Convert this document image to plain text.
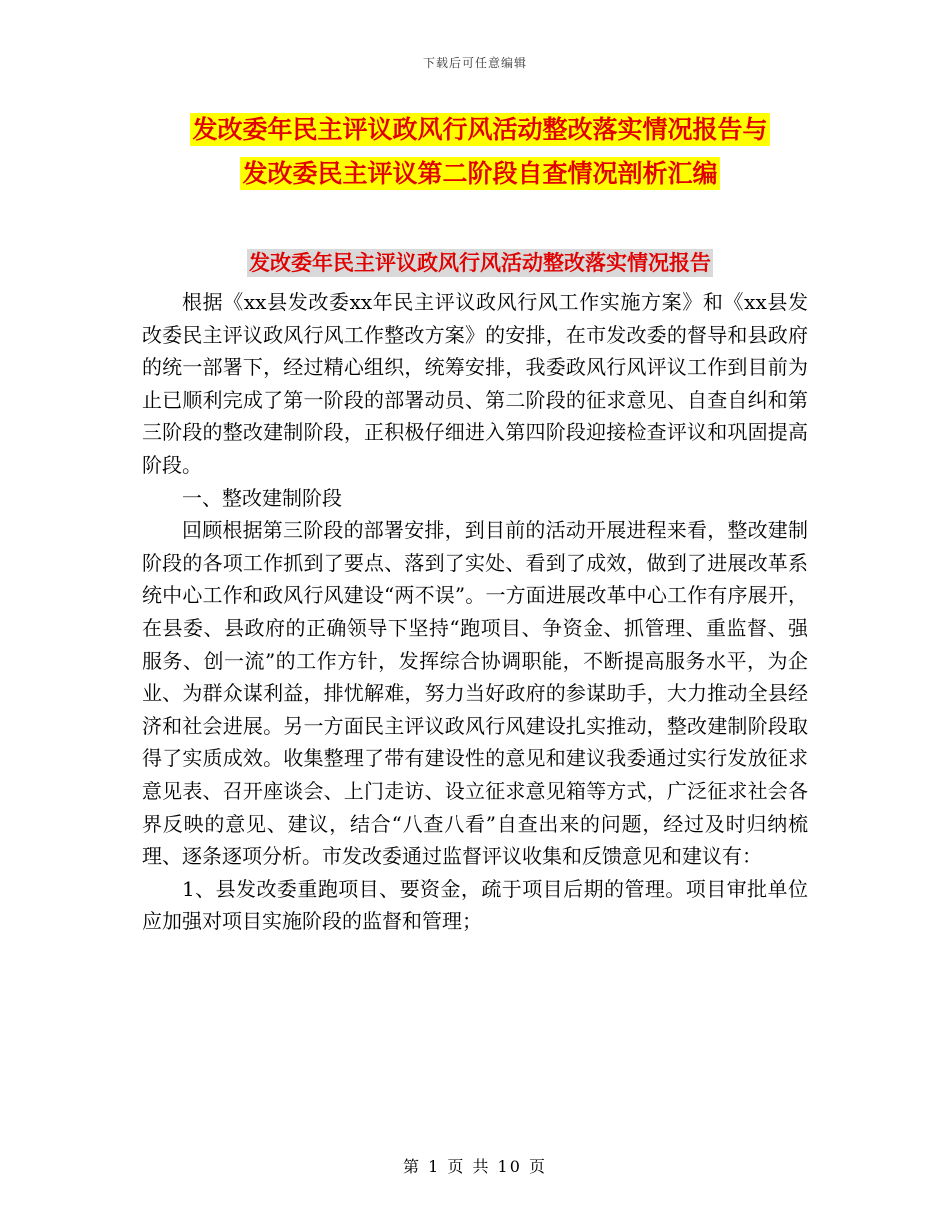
下载后可任意编辑
发改委年民主评议政风行风活动整改落实情况报告与
发改委民主评议第二阶段自查情况剖析汇编
发改委年民主评议政风行风活动整改落实情况报告

根据《xx县发改委xx年民主评议政风行风工作实施方案》和《xx县发改委民主评议政风行风工作整改方案》的安排，在市发改委的督导和县政府的统一部署下，经过精心组织，统筹安排，我委政风行风评议工作到目前为止已顺利完成了第一阶段的部署动员、第二阶段的征求意见、自查自纠和第三阶段的整改建制阶段，正积极仔细进入第四阶段迎接检查评议和巩固提高阶段。

一、整改建制阶段

回顾根据第三阶段的部署安排，到目前的活动开展进程来看，整改建制阶段的各项工作抓到了要点、落到了实处、看到了成效，做到了进展改革系统中心工作和政风行风建设“两不误”。一方面进展改革中心工作有序展开，在县委、县政府的正确领导下坚持“跑项目、争资金、抓管理、重监督、强服务、创一流”的工作方针，发挥综合协调职能，不断提高服务水平，为企业、为群众谋利益，排忧解难，努力当好政府的参谋助手，大力推动全县经济和社会进展。另一方面民主评议政风行风建设扎实推动，整改建制阶段取得了实质成效。收集整理了带有建设性的意见和建议我委通过实行发放征求意见表、召开座谈会、上门走访、设立征求意见箱等方式，广泛征求社会各界反映的意见、建议，结合“八查八看”自查出来的问题，经过及时归纳梳理、逐条逐项分析。市发改委通过监督评议收集和反馈意见和建议有：

1、县发改委重跑项目、要资金，疏于项目后期的管理。项目审批单位应加强对项目实施阶段的监督和管理；

第 1 页 共 10 页
